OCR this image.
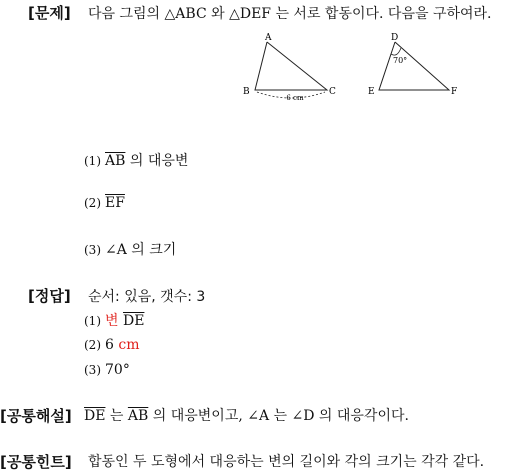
[문제] 다음 그림의 △ABC 와 △DEF 는 서로 합동이다. 다음을 구하여라.
A
B	C
6 cm
D
E	F
70°
(1) $\overline{AB}$ 의 대응변
(2) $\overline{EF}$
(3) ∠A 의 크기
[정답] 순서: 있음, 갯수: 3
(1) 변 $\overline{DE}$
(2) 6 cm
(3) 70°
[공통해설] $\overline{DE}$ 는 $\overline{AB}$ 의 대응변이고, ∠A 는 ∠D 의 대응각이다.
[공통힌트] 합동인 두 도형에서 대응하는 변의 길이와 각의 크기는 각각 같다.
